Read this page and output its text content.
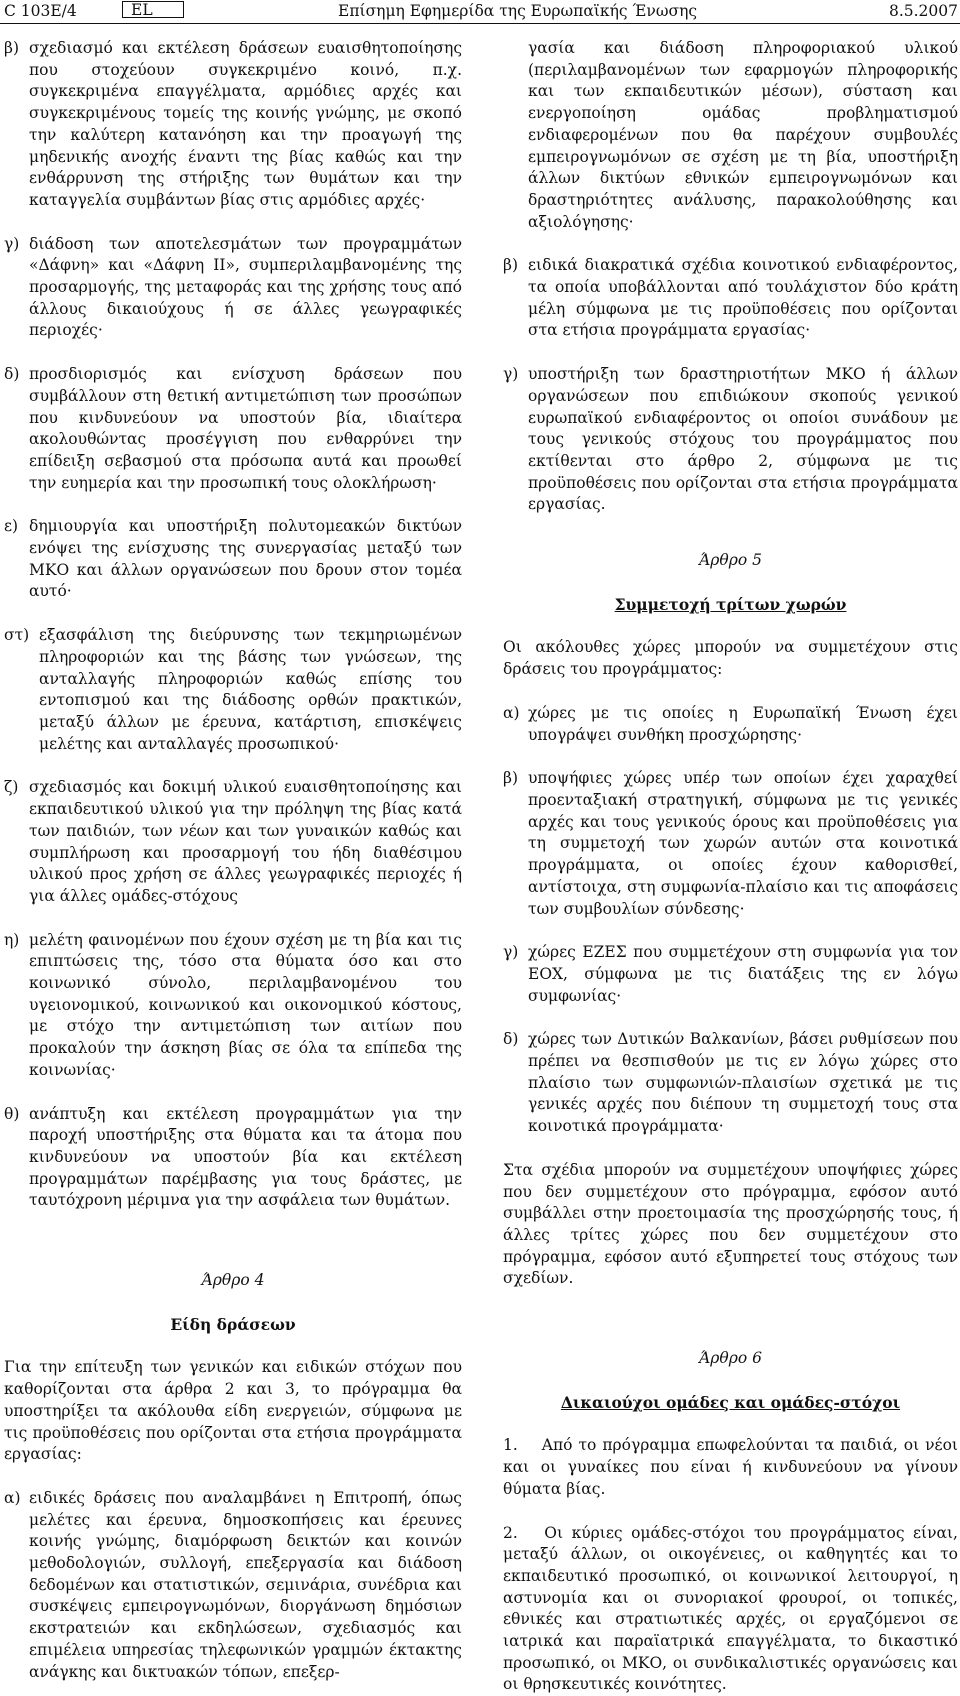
C 103E/4	EL	Επίσημη Εφημερίδα της Ευρωπαϊκής Ένωσης	8.5.2007

β) σχεδιασμό και εκτέλεση δράσεων ευαισθητοποίησης που στοχεύουν συγκεκριμένο κοινό, π.χ. συγκεκριμένα επαγγέλματα, αρμόδιες αρχές και συγκεκριμένους τομείς της κοινής γνώμης, με σκοπό την καλύτερη κατανόηση και την προαγωγή της μηδενικής ανοχής έναντι της βίας καθώς και την ενθάρρυνση της στήριξης των θυμάτων και την καταγγελία συμβάντων βίας στις αρμόδιες αρχές·

γ) διάδοση των αποτελεσμάτων των προγραμμάτων «Δάφνη» και «Δάφνη ΙΙ», συμπεριλαμβανομένης της προσαρμογής, της μεταφοράς και της χρήσης τους από άλλους δικαιούχους ή σε άλλες γεωγραφικές περιοχές·

δ) προσδιορισμός και ενίσχυση δράσεων που συμβάλλουν στη θετική αντιμετώπιση των προσώπων που κινδυνεύουν να υποστούν βία, ιδιαίτερα ακολουθώντας προσέγγιση που ενθαρρύνει την επίδειξη σεβασμού στα πρόσωπα αυτά και προωθεί την ευημερία και την προσωπική τους ολοκλήρωση·

ε) δημιουργία και υποστήριξη πολυτομεακών δικτύων ενόψει της ενίσχυσης της συνεργασίας μεταξύ των ΜΚΟ και άλλων οργανώσεων που δρουν στον τομέα αυτό·

στ) εξασφάλιση της διεύρυνσης των τεκμηριωμένων πληροφοριών και της βάσης των γνώσεων, της ανταλλαγής πληροφοριών καθώς επίσης του εντοπισμού και της διάδοσης ορθών πρακτικών, μεταξύ άλλων με έρευνα, κατάρτιση, επισκέψεις μελέτης και ανταλλαγές προσωπικού·

ζ) σχεδιασμός και δοκιμή υλικού ευαισθητοποίησης και εκπαιδευτικού υλικού για την πρόληψη της βίας κατά των παιδιών, των νέων και των γυναικών καθώς και συμπλήρωση και προσαρμογή του ήδη διαθέσιμου υλικού προς χρήση σε άλλες γεωγραφικές περιοχές ή για άλλες ομάδες-στόχους

η) μελέτη φαινομένων που έχουν σχέση με τη βία και τις επιπτώσεις της, τόσο στα θύματα όσο και στο κοινωνικό σύνολο, περιλαμβανομένου του υγειονομικού, κοινωνικού και οικονομικού κόστους, με στόχο την αντιμετώπιση των αιτίων που προκαλούν την άσκηση βίας σε όλα τα επίπεδα της κοινωνίας·

θ) ανάπτυξη και εκτέλεση προγραμμάτων για την παροχή υποστήριξης στα θύματα και τα άτομα που κινδυνεύουν να υποστούν βία και εκτέλεση προγραμμάτων παρέμβασης για τους δράστες, με ταυτόχρονη μέριμνα για την ασφάλεια των θυμάτων.

Άρθρο 4

Είδη δράσεων

Για την επίτευξη των γενικών και ειδικών στόχων που καθορίζονται στα άρθρα 2 και 3, το πρόγραμμα θα υποστηρίξει τα ακόλουθα είδη ενεργειών, σύμφωνα με τις προϋποθέσεις που ορίζονται στα ετήσια προγράμματα εργασίας:

α) ειδικές δράσεις που αναλαμβάνει η Επιτροπή, όπως μελέτες και έρευνα, δημοσκοπήσεις και έρευνες κοινής γνώμης, διαμόρφωση δεικτών και κοινών μεθοδολογιών, συλλογή, επεξεργασία και διάδοση δεδομένων και στατιστικών, σεμινάρια, συνέδρια και συσκέψεις εμπειρογνωμόνων, διοργάνωση δημόσιων εκστρατειών και εκδηλώσεων, σχεδιασμός και επιμέλεια υπηρεσίας τηλεφωνικών γραμμών έκτακτης ανάγκης και δικτυακών τόπων, επεξερ-

γασία και διάδοση πληροφοριακού υλικού (περιλαμβανομένων των εφαρμογών πληροφορικής και των εκπαιδευτικών μέσων), σύσταση και ενεργοποίηση ομάδας προβληματισμού ενδιαφερομένων που θα παρέχουν συμβουλές εμπειρογνωμόνων σε σχέση με τη βία, υποστήριξη άλλων δικτύων εθνικών εμπειρογνωμόνων και δραστηριότητες ανάλυσης, παρακολούθησης και αξιολόγησης·

β) ειδικά διακρατικά σχέδια κοινοτικού ενδιαφέροντος, τα οποία υποβάλλονται από τουλάχιστον δύο κράτη μέλη σύμφωνα με τις προϋποθέσεις που ορίζονται στα ετήσια προγράμματα εργασίας·

γ) υποστήριξη των δραστηριοτήτων ΜΚΟ ή άλλων οργανώσεων που επιδιώκουν σκοπούς γενικού ευρωπαϊκού ενδιαφέροντος οι οποίοι συνάδουν με τους γενικούς στόχους του προγράμματος που εκτίθενται στο άρθρο 2, σύμφωνα με τις προϋποθέσεις που ορίζονται στα ετήσια προγράμματα εργασίας.

Άρθρο 5

Συμμετοχή τρίτων χωρών

Οι ακόλουθες χώρες μπορούν να συμμετέχουν στις δράσεις του προγράμματος:

α) χώρες με τις οποίες η Ευρωπαϊκή Ένωση έχει υπογράψει συνθήκη προσχώρησης·

β) υποψήφιες χώρες υπέρ των οποίων έχει χαραχθεί προενταξιακή στρατηγική, σύμφωνα με τις γενικές αρχές και τους γενικούς όρους και προϋποθέσεις για τη συμμετοχή των χωρών αυτών στα κοινοτικά προγράμματα, οι οποίες έχουν καθορισθεί, αντίστοιχα, στη συμφωνία-πλαίσιο και τις αποφάσεις των συμβουλίων σύνδεσης·

γ) χώρες ΕΖΕΣ που συμμετέχουν στη συμφωνία για τον ΕΟΧ, σύμφωνα με τις διατάξεις της εν λόγω συμφωνίας·

δ) χώρες των Δυτικών Βαλκανίων, βάσει ρυθμίσεων που πρέπει να θεσπισθούν με τις εν λόγω χώρες στο πλαίσιο των συμφωνιών-πλαισίων σχετικά με τις γενικές αρχές που διέπουν τη συμμετοχή τους στα κοινοτικά προγράμματα·

Στα σχέδια μπορούν να συμμετέχουν υποψήφιες χώρες που δεν συμμετέχουν στο πρόγραμμα, εφόσον αυτό συμβάλλει στην προετοιμασία της προσχώρησής τους, ή άλλες τρίτες χώρες που δεν συμμετέχουν στο πρόγραμμα, εφόσον αυτό εξυπηρετεί τους στόχους των σχεδίων.

Άρθρο 6

Δικαιούχοι ομάδες και ομάδες-στόχοι

1. Από το πρόγραμμα επωφελούνται τα παιδιά, οι νέοι και οι γυναίκες που είναι ή κινδυνεύουν να γίνουν θύματα βίας.

2. Οι κύριες ομάδες-στόχοι του προγράμματος είναι, μεταξύ άλλων, οι οικογένειες, οι καθηγητές και το εκπαιδευτικό προσωπικό, οι κοινωνικοί λειτουργοί, η αστυνομία και οι συνοριακοί φρουροί, οι τοπικές, εθνικές και στρατιωτικές αρχές, οι εργαζόμενοι σε ιατρικά και παραϊατρικά επαγγέλματα, το δικαστικό προσωπικό, οι ΜΚΟ, οι συνδικαλιστικές οργανώσεις και οι θρησκευτικές κοινότητες.
